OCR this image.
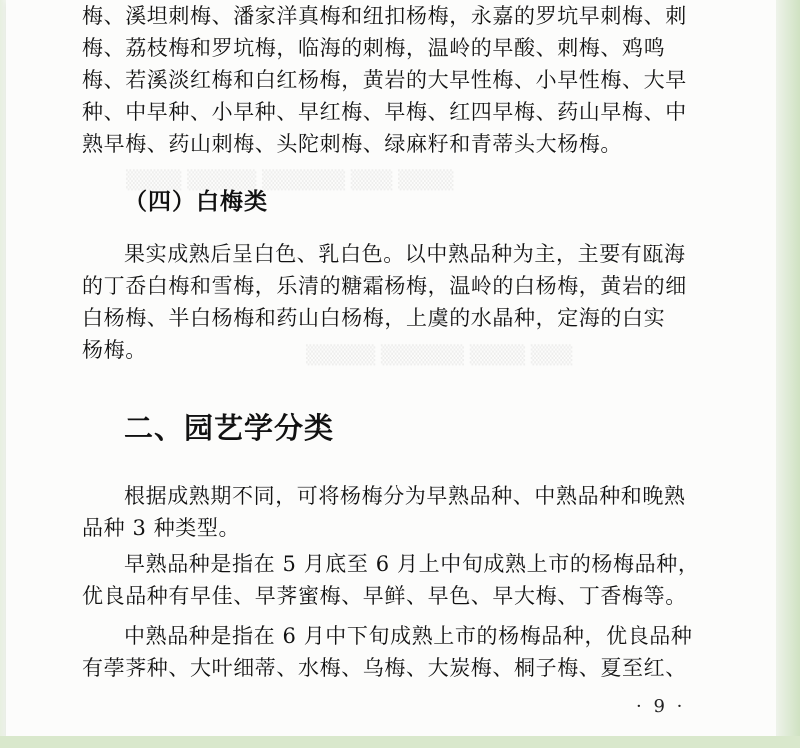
▒▒▒▒ ▒▒▒▒▒ ▒▒▒▒▒▒ ▒▒▒ ▒▒▒▒
▒▒▒▒▒ ▒▒▒▒▒▒ ▒▒▒▒ ▒▒▒
梅、溪坦刺梅、潘家洋真梅和纽扣杨梅，永嘉的罗坑早刺梅、刺
梅、荔枝梅和罗坑梅，临海的刺梅，温岭的早酸、刺梅、鸡鸣
梅、若溪淡红梅和白红杨梅，黄岩的大早性梅、小早性梅、大早
种、中早种、小早种、早红梅、早梅、红四早梅、药山早梅、中
熟早梅、药山刺梅、头陀刺梅、绿麻籽和青蒂头大杨梅。
（四）白梅类
果实成熟后呈白色、乳白色。以中熟品种为主，主要有瓯海
的丁岙白梅和雪梅，乐清的糖霜杨梅，温岭的白杨梅，黄岩的细
白杨梅、半白杨梅和药山白杨梅，上虞的水晶种，定海的白实
杨梅。
二、园艺学分类
根据成熟期不同，可将杨梅分为早熟品种、中熟品种和晚熟
品种 3 种类型。
早熟品种是指在 5 月底至 6 月上中旬成熟上市的杨梅品种，
优良品种有早佳、早荠蜜梅、早鲜、早色、早大梅、丁香梅等。
中熟品种是指在 6 月中下旬成熟上市的杨梅品种，优良品种
有荸荠种、大叶细蒂、水梅、乌梅、大炭梅、桐子梅、夏至红、
· 9 ·
